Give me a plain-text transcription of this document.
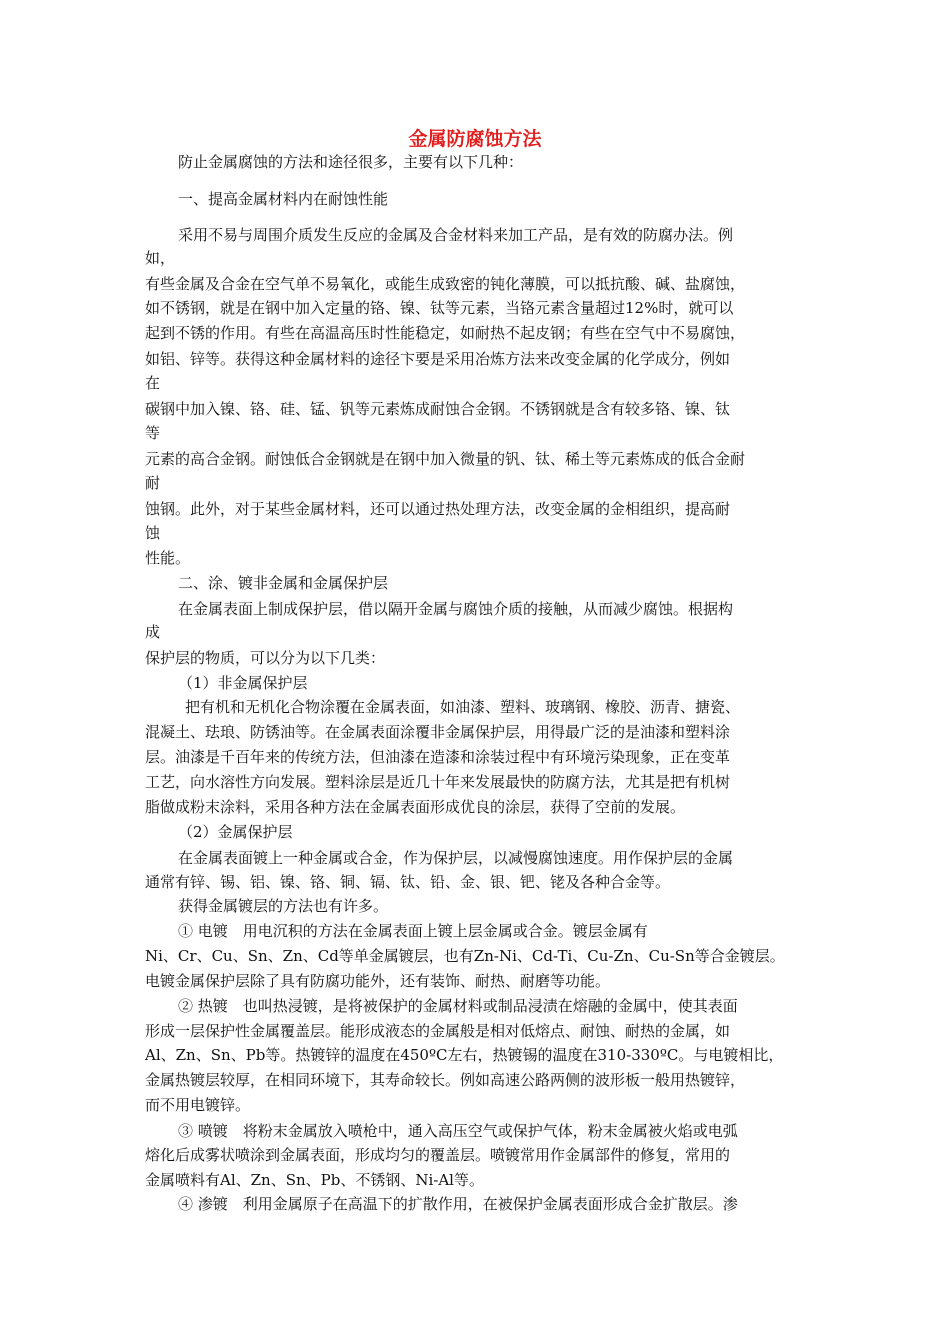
金属防腐蚀方法
防止金属腐蚀的方法和途径很多，主要有以下几种：
一、提高金属材料内在耐蚀性能
采用不易与周围介质发生反应的金属及合金材料来加工产品，是有效的防腐办法。例
如，
有些金属及合金在空气单不易氧化，或能生成致密的钝化薄膜，可以抵抗酸、碱、盐腐蚀，
如不锈钢，就是在钢中加入定量的铬、镍、钛等元素，当铬元素含量超过12%时，就可以
起到不锈的作用。有些在高温高压时性能稳定，如耐热不起皮钢；有些在空气中不易腐蚀，
如铝、锌等。获得这种金属材料的途径卞要是采用冶炼方法来改变金属的化学成分，例如
在
碳钢中加入镍、铬、硅、锰、钒等元素炼成耐蚀合金钢。不锈钢就是含有较多铬、镍、钛
等
元素的高合金钢。耐蚀低合金钢就是在钢中加入微量的钒、钛、稀土等元素炼成的低合金耐
耐
蚀钢。此外，对于某些金属材料，还可以通过热处理方法，改变金属的金相组织，提高耐
蚀
性能。
二、涂、镀非金属和金属保护层
在金属表面上制成保护层，借以隔开金属与腐蚀介质的接触，从而减少腐蚀。根据构
成
保护层的物质，可以分为以下几类：
（1）非金属保护层
把有机和无机化合物涂覆在金属表面，如油漆、塑料、玻璃钢、橡胶、沥青、搪瓷、
混凝土、珐琅、防锈油等。在金属表面涂覆非金属保护层，用得最广泛的是油漆和塑料涂
层。油漆是千百年来的传统方法，但油漆在造漆和涂装过程中有环境污染现象，正在变革
工艺，向水溶性方向发展。塑料涂层是近几十年来发展最快的防腐方法，尤其是把有机树
脂做成粉末涂料，采用各种方法在金属表面形成优良的涂层，获得了空前的发展。
（2）金属保护层
在金属表面镀上一种金属或合金，作为保护层，以减慢腐蚀速度。用作保护层的金属
通常有锌、锡、铝、镍、铬、铜、镉、钛、铅、金、银、钯、铑及各种合金等。
获得金属镀层的方法也有许多。
① 电镀　用电沉积的方法在金属表面上镀上层金属或合金。镀层金属有
Ni、Cr、Cu、Sn、Zn、Cd等单金属镀层，也有Zn-Ni、Cd-Ti、Cu-Zn、Cu-Sn等合金镀层。
电镀金属保护层除了具有防腐功能外，还有装饰、耐热、耐磨等功能。
② 热镀　也叫热浸镀，是将被保护的金属材料或制品浸渍在熔融的金属中，使其表面
形成一层保护性金属覆盖层。能形成液态的金属般是相对低熔点、耐蚀、耐热的金属，如
Al、Zn、Sn、Pb等。热镀锌的温度在450ºC左右，热镀锡的温度在310-330ºC。与电镀相比，
金属热镀层较厚，在相同环境下，其寿命较长。例如高速公路两侧的波形板一般用热镀锌，
而不用电镀锌。
③ 喷镀　将粉末金属放入喷枪中，通入高压空气或保护气体，粉末金属被火焰或电弧
熔化后成雾状喷涂到金属表面，形成均匀的覆盖层。喷镀常用作金属部件的修复，常用的
金属喷料有Al、Zn、Sn、Pb、不锈钢、Ni-Al等。
④ 渗镀　利用金属原子在高温下的扩散作用，在被保护金属表面形成合金扩散层。渗
